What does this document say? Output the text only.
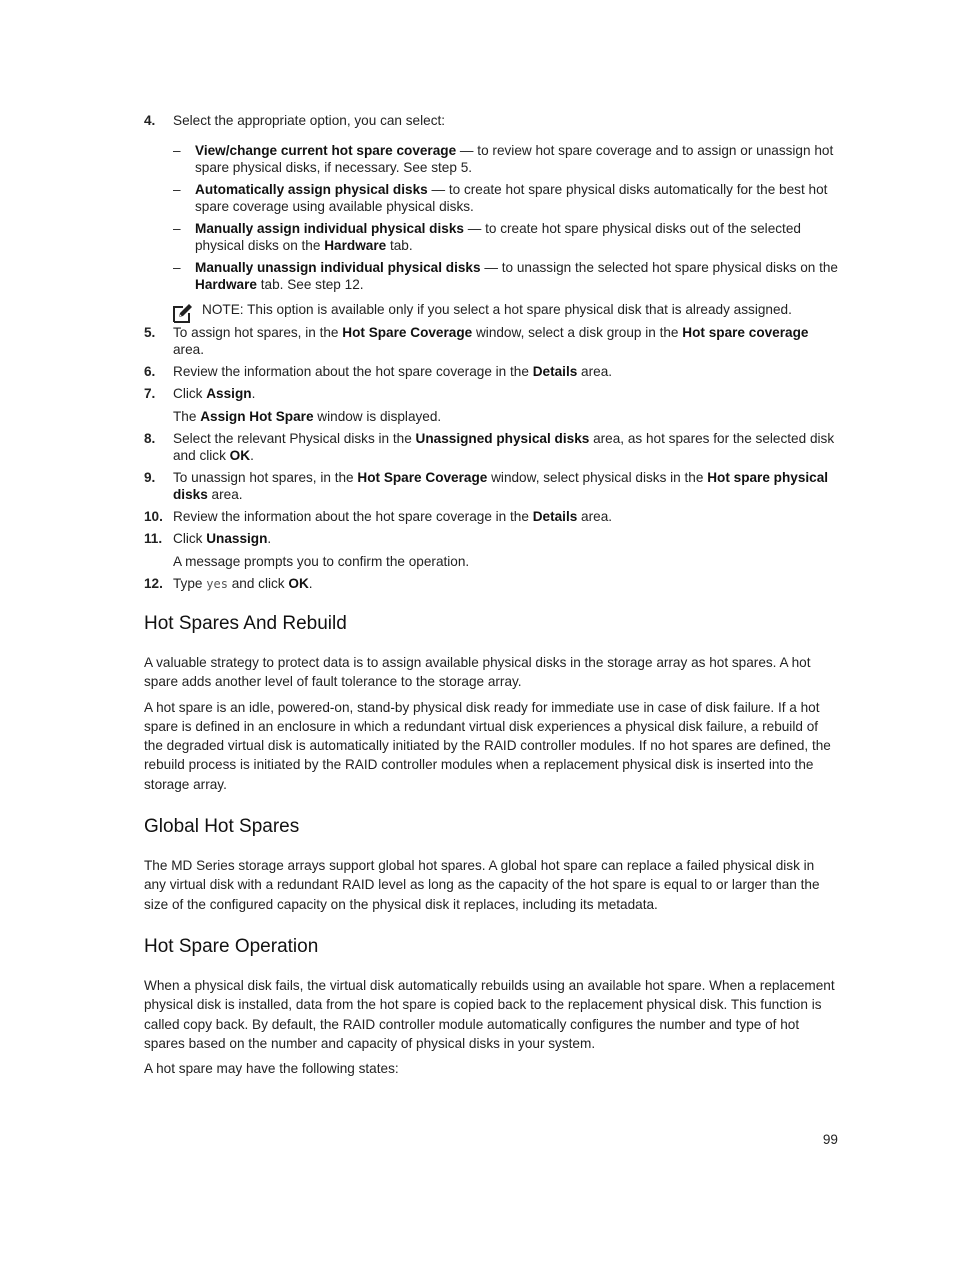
4. Select the appropriate option, you can select:

– View/change current hot spare coverage — to review hot spare coverage and to assign or unassign hot spare physical disks, if necessary. See step 5.
– Automatically assign physical disks — to create hot spare physical disks automatically for the best hot spare coverage using available physical disks.
– Manually assign individual physical disks — to create hot spare physical disks out of the selected physical disks on the Hardware tab.
– Manually unassign individual physical disks — to unassign the selected hot spare physical disks on the Hardware tab. See step 12.
NOTE: This option is available only if you select a hot spare physical disk that is already assigned.
5. To assign hot spares, in the Hot Spare Coverage window, select a disk group in the Hot spare coverage area.

6. Review the information about the hot spare coverage in the Details area.

7. Click Assign.

The Assign Hot Spare window is displayed.

8. Select the relevant Physical disks in the Unassigned physical disks area, as hot spares for the selected disk and click OK.

9. To unassign hot spares, in the Hot Spare Coverage window, select physical disks in the Hot spare physical disks area.

10. Review the information about the hot spare coverage in the Details area.

11. Click Unassign.

A message prompts you to confirm the operation.

12. Type yes and click OK.

Hot Spares And Rebuild

A valuable strategy to protect data is to assign available physical disks in the storage array as hot spares. A hot spare adds another level of fault tolerance to the storage array.

A hot spare is an idle, powered-on, stand-by physical disk ready for immediate use in case of disk failure. If a hot spare is defined in an enclosure in which a redundant virtual disk experiences a physical disk failure, a rebuild of the degraded virtual disk is automatically initiated by the RAID controller modules. If no hot spares are defined, the rebuild process is initiated by the RAID controller modules when a replacement physical disk is inserted into the storage array.

Global Hot Spares

The MD Series storage arrays support global hot spares. A global hot spare can replace a failed physical disk in any virtual disk with a redundant RAID level as long as the capacity of the hot spare is equal to or larger than the size of the configured capacity on the physical disk it replaces, including its metadata.

Hot Spare Operation

When a physical disk fails, the virtual disk automatically rebuilds using an available hot spare. When a replacement physical disk is installed, data from the hot spare is copied back to the replacement physical disk. This function is called copy back. By default, the RAID controller module automatically configures the number and type of hot spares based on the number and capacity of physical disks in your system.

A hot spare may have the following states:

99
